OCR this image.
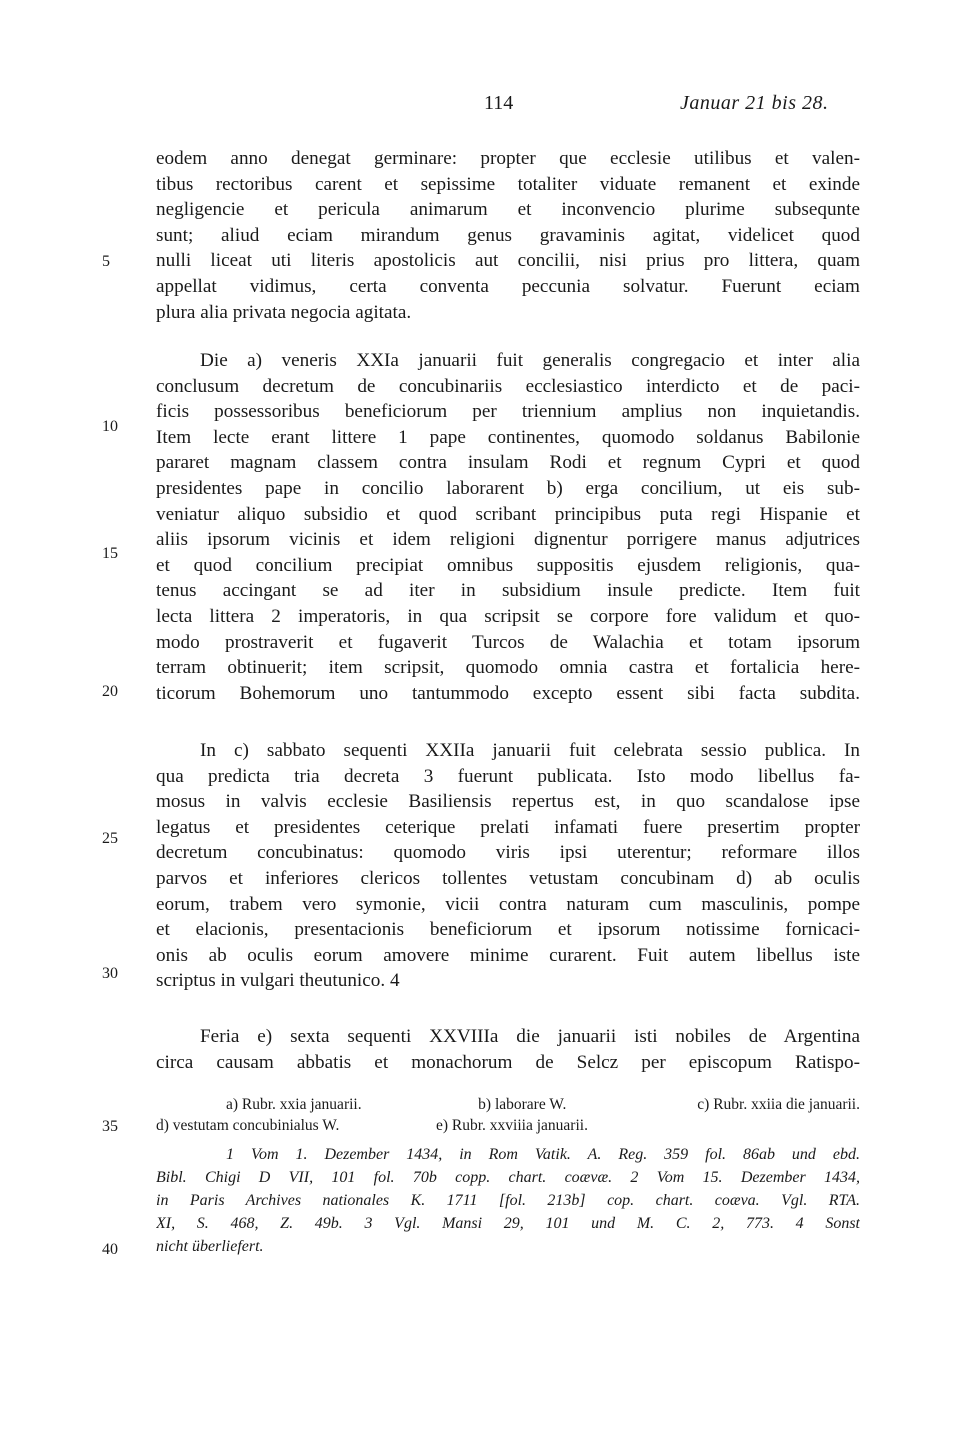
114	Januar 21 bis 28.
eodem anno denegat germinare: propter que ecclesie utilibus et valen-
tibus rectoribus carent et sepissime totaliter viduate remanent et exinde
negligencie et pericula animarum et inconvencio plurime subsequnte
sunt; aliud eciam mirandum genus gravaminis agitat, videlicet quod
nulli liceat uti literis apostolicis aut concilii, nisi prius pro littera, quam
appellat vidimus, certa conventa peccunia solvatur. Fuerunt eciam
plura alia privata negocia agitata.
Die a) veneris XXIa januarii fuit generalis congregacio et inter alia
conclusum decretum de concubinariis ecclesiastico interdicto et de paci-
ficis possessoribus beneficiorum per triennium amplius non inquietandis.
Item lecte erant littere 1 pape continentes, quomodo soldanus Babilonie
pararet magnam classem contra insulam Rodi et regnum Cypri et quod
presidentes pape in concilio laborarent b) erga concilium, ut eis sub-
veniatur aliquo subsidio et quod scribant principibus puta regi Hispanie et
aliis ipsorum vicinis et idem religioni dignentur porrigere manus adjutrices
et quod concilium precipiat omnibus suppositis ejusdem religionis, qua-
tenus accingant se ad iter in subsidium insule predicte. Item fuit
lecta littera 2 imperatoris, in qua scripsit se corpore fore validum et quo-
modo prostraverit et fugaverit Turcos de Walachia et totam ipsorum
terram obtinuerit; item scripsit, quomodo omnia castra et fortalicia here-
ticorum Bohemorum uno tantummodo excepto essent sibi facta subdita.
In c) sabbato sequenti XXIIa januarii fuit celebrata sessio publica. In
qua predicta tria decreta 3 fuerunt publicata. Isto modo libellus fa-
mosus in valvis ecclesie Basiliensis repertus est, in quo scandalose ipse
legatus et presidentes ceterique prelati infamati fuere presertim propter
decretum concubinatus: quomodo viris ipsi uterentur; reformare illos
parvos et inferiores clericos tollentes vetustam concubinam d) ab oculis
eorum, trabem vero symonie, vicii contra naturam cum masculinis, pompe
et elacionis, presentacionis beneficiorum et ipsorum notissime fornicaci-
onis ab oculis eorum amovere minime curarent. Fuit autem libellus iste
scriptus in vulgari theutunico. 4
Feria e) sexta sequenti XXVIIIa die januarii isti nobiles de Argentina
circa causam abbatis et monachorum de Selcz per episcopum Ratispo-
5
10
15
20
25
30
35
40
a) Rubr. xxia januarii.	b) laborare W.	c) Rubr. xxiia die januarii.
d) vestutam concubinialus W.	e) Rubr. xxviiia januarii.
1 Vom 1. Dezember 1434, in Rom Vatik. A. Reg. 359 fol. 86ab und ebd.
Bibl. Chigi D VII, 101 fol. 70b copp. chart. coævæ. 2 Vom 15. Dezember 1434,
in Paris Archives nationales K. 1711 [fol. 213b] cop. chart. coæva. Vgl. RTA.
XI, S. 468, Z. 49b. 3 Vgl. Mansi 29, 101 und M. C. 2, 773. 4 Sonst
nicht überliefert.
